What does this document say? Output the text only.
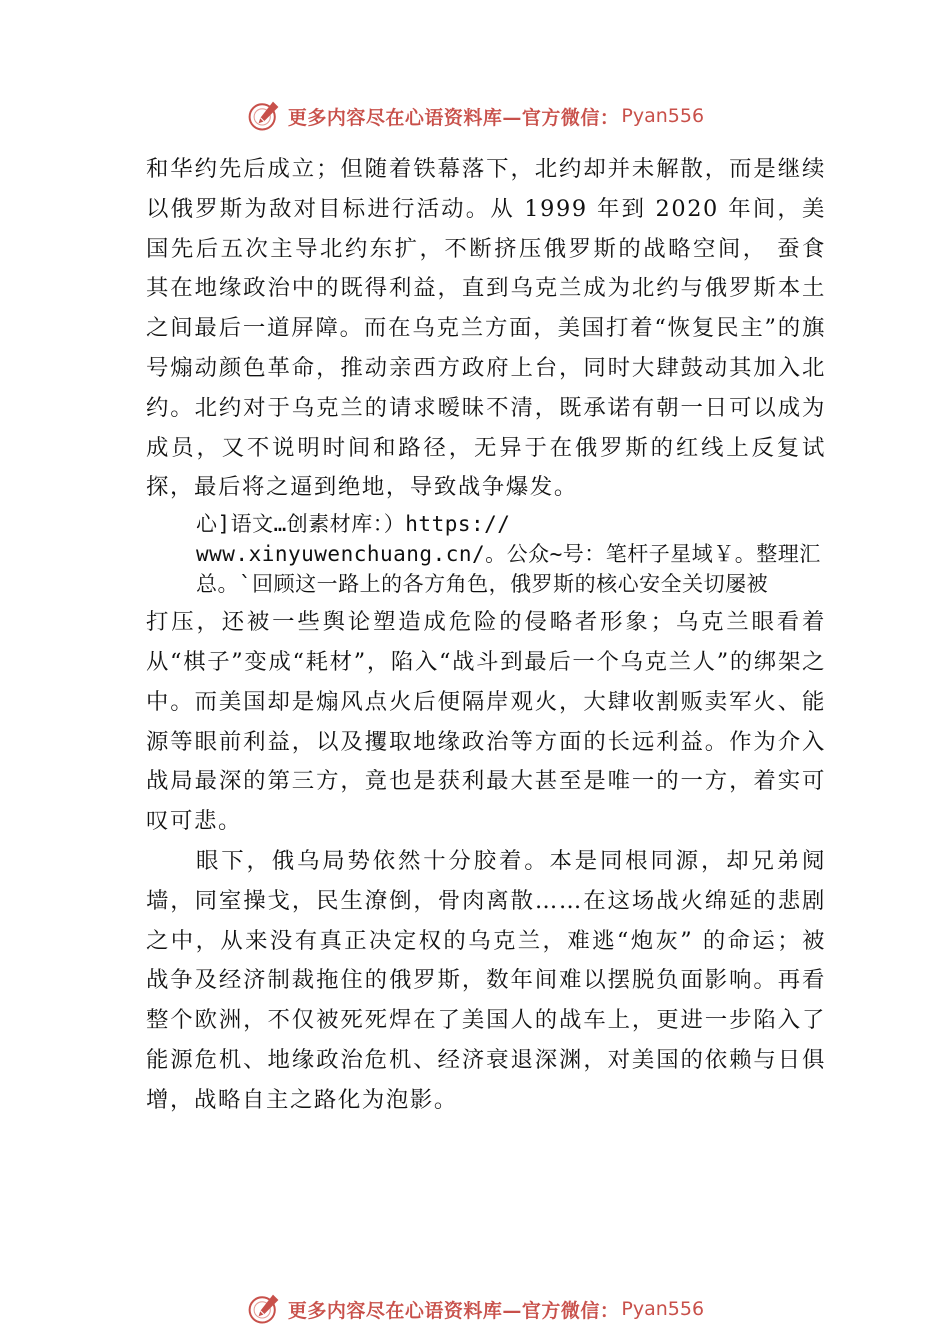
更多内容尽在心语资料库—官方微信： Pyan556

和华约先后成立；但随着铁幕落下，北约却并未解散，而是继续以俄罗斯为敌对目标进行活动。从 1999 年到 2020 年间，美国先后五次主导北约东扩，不断挤压俄罗斯的战略空间， 蚕食其在地缘政治中的既得利益，直到乌克兰成为北约与俄罗斯本土之间最后一道屏障。而在乌克兰方面，美国打着“恢复民主”的旗号煽动颜色革命，推动亲西方政府上台，同时大肆鼓动其加入北约。北约对于乌克兰的请求暧昧不清，既承诺有朝一日可以成为成员，又不说明时间和路径，无异于在俄罗斯的红线上反复试探，最后将之逼到绝地，导致战争爆发。

心]语文…创素材库：）https://
www.xinyuwenchuang.cn/。公众~号：笔杆子星域￥。整理汇总。`回顾这一路上的各方角色，俄罗斯的核心安全关切屡被

打压，还被一些舆论塑造成危险的侵略者形象；乌克兰眼看着从“棋子”变成“耗材”，陷入“战斗到最后一个乌克兰人”的绑架之中。而美国却是煽风点火后便隔岸观火，大肆收割贩卖军火、能源等眼前利益，以及攫取地缘政治等方面的长远利益。作为介入战局最深的第三方，竟也是获利最大甚至是唯一的一方，着实可叹可悲。

眼下，俄乌局势依然十分胶着。本是同根同源，却兄弟阋墙，同室操戈，民生潦倒，骨肉离散……在这场战火绵延的悲剧之中，从来没有真正决定权的乌克兰，难逃“炮灰” 的命运；被战争及经济制裁拖住的俄罗斯，数年间难以摆脱负面影响。再看整个欧洲，不仅被死死焊在了美国人的战车上，更进一步陷入了能源危机、地缘政治危机、经济衰退深渊，对美国的依赖与日俱增，战略自主之路化为泡影。

更多内容尽在心语资料库—官方微信： Pyan556
